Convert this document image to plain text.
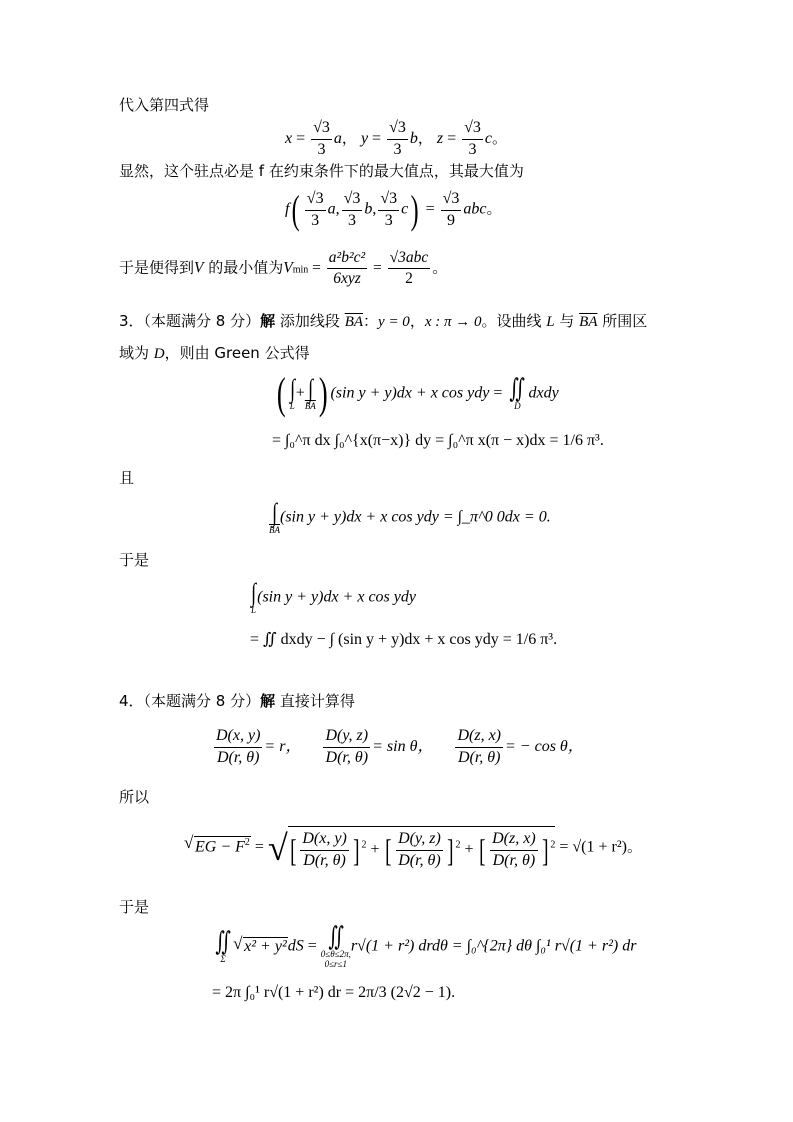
代入第四式得
$x = \frac{√3}{3}$ a， $y = \frac{√3}{3}$ b， $z = \frac{√3}{3}$ c。
显然，这个驻点必是 f 在约束条件下的最大值点，其最大值为
$f( \frac{√3}{3} a$, $\frac{√3}{3} b$, $\frac{√3}{3} c) = \frac{√3}{9}$ abc。
于是便得到V 的最小值为Vmin =
a²b²c²
6xyz
=
√3abc
2
。
3．（本题满分 8 分）解 添加线段 $\overline{BA}$：y = 0，x : π → 0。设曲线 L 与 $\overline{BA}$ 所围区
域为 D，则由 Green 公式得
( ∫
L
+ ∫
$\overline{BA}$ ) (sin y + y)dx + x cos ydy = ∬
D
dxdy
= ∫₀^π dx ∫₀^{x(π−x)} dy = ∫₀^π x(π − x)dx = 1/6 π³.
且
∫
$\overline{BA}$
(sin y + y)dx + x cos ydy = ∫_π^0 0dx = 0.
于是
∫
L
(sin y + y)dx + x cos ydy
= ∬ dxdy − ∫ (sin y + y)dx + x cos ydy = 1/6 π³.
4．（本题满分 8 分）解 直接计算得
$\frac{D(x, y)}{D(r, \theta)} = r$， $\frac{D(y, z)}{D(r, \theta)} = \sin \theta$， $\frac{D(z, x)}{D(r, \theta)}$ = − cos θ，
所以
√ EG − $F^2$ = √[ $\frac{D(x, y)}{D(r, \theta)}$ ] $^2$ + [ $\frac{D(y, z)}{D(r, \theta)}$ ] $^2$ + [ $\frac{D(z, x)}{D(r, \theta)}$ ] $^2$ = √(1 + r²)。
于是
∬
Σ
√ x² + y²dS = ∬
0≤θ≤2π,
0≤r≤1
r√(1 + r²) drdθ = ∫₀^{2π} dθ ∫₀¹ r√(1 + r²) dr
= 2π ∫₀¹ r√(1 + r²) dr = 2π/3 (2√2 − 1).
